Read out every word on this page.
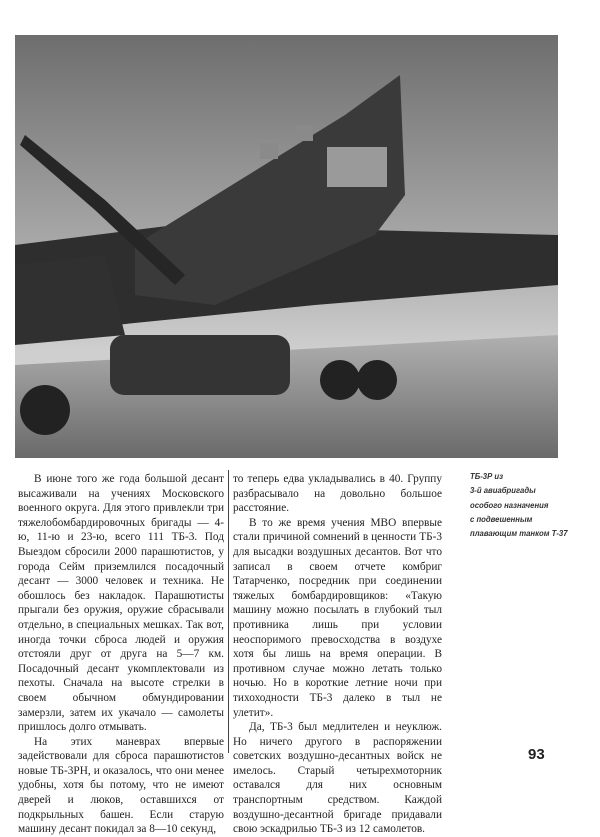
ТБ-3Р из
3-й авиабригады
особого назначения
с подвешенным
плавающим танком Т-37

В июне того же года большой десант высаживали на учениях Московского военного округа. Для этого привлекли три тяжелобомбардировочных бригады — 4-ю, 11-ю и 23-ю, всего 111 ТБ-3. Под Выездом сбросили 2000 парашютистов, у города Сейм приземлился посадочный десант — 3000 человек и техника. Не обошлось без накладок. Парашютисты прыгали без оружия, оружие сбрасывали отдельно, в специальных мешках. Так вот, иногда точки сброса людей и оружия отстояли друг от друга на 5—7 км. Посадочный десант укомплектовали из пехоты. Сначала на высоте стрелки в своем обычном обмундировании замерзли, затем их укачало — самолеты пришлось долго отмывать.

На этих маневрах впервые задействовали для сброса парашютистов новые ТБ-3РН, и оказалось, что они менее удобны, хотя бы потому, что не имеют дверей и люков, оставшихся от подкрыльных башен. Если старую машину десант покидал за 8—10 секунд,

то теперь едва укладывались в 40. Группу разбрасывало на довольно большое расстояние.

В то же время учения МВО впервые стали причиной сомнений в ценности ТБ-3 для высадки воздушных десантов. Вот что записал в своем отчете комбриг Татарченко, посредник при соединении тяжелых бомбардировщиков: «Такую машину можно посылать в глубокий тыл противника лишь при условии неоспоримого превосходства в воздухе хотя бы лишь на время операции. В противном случае можно летать только ночью. Но в короткие летние ночи при тихоходности ТБ-3 далеко в тыл не улетит».

Да, ТБ-3 был медлителен и неуклюж. Но ничего другого в распоряжении советских воздушно-десантных войск не имелось. Старый четырехмоторник оставался для них основным транспортным средством. Каждой воздушно-десантной бригаде придавали свою эскадрилью ТБ-3 из 12 самолетов.

93
